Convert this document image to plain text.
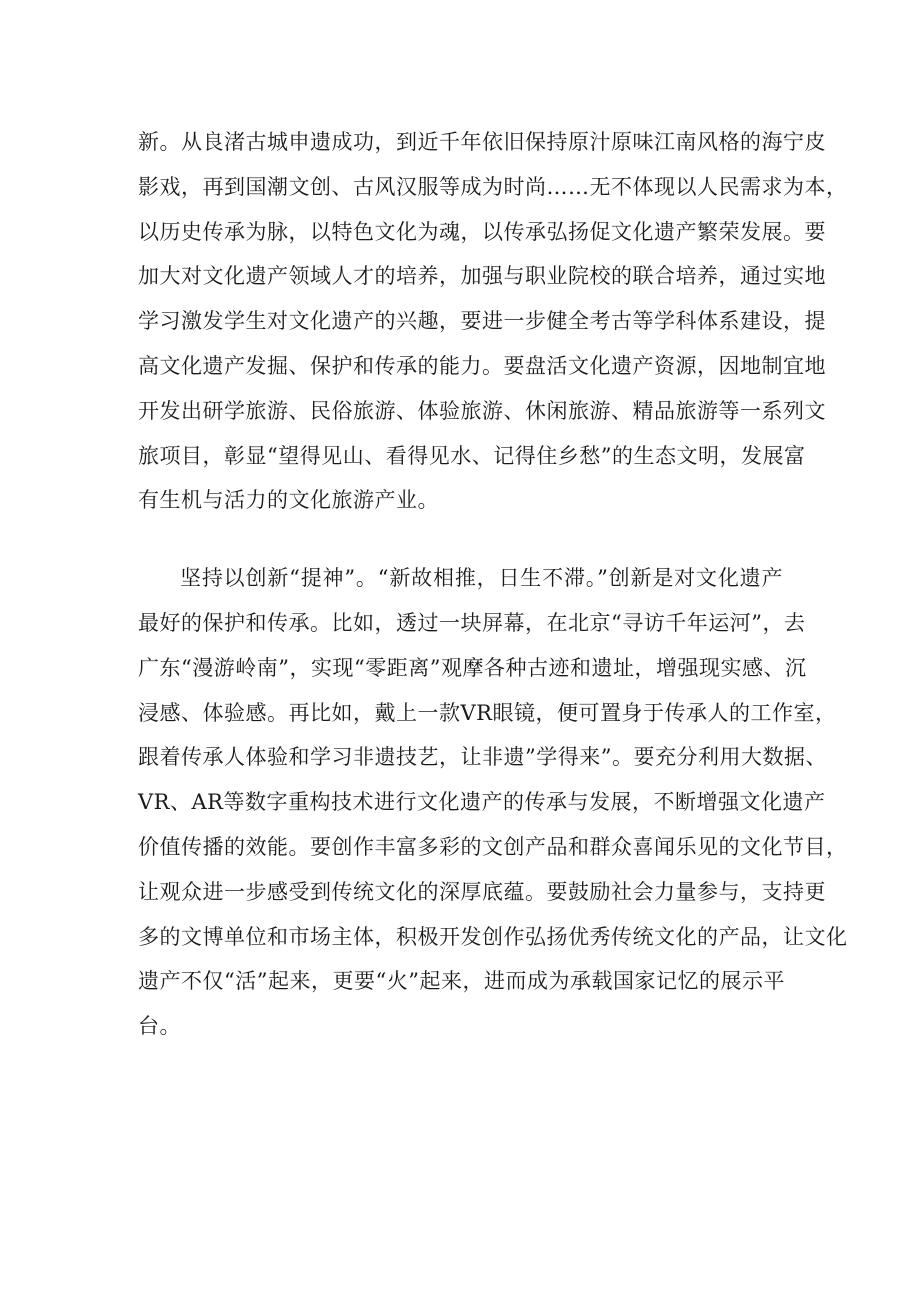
新。从良渚古城申遗成功，到近千年依旧保持原汁原味江南风格的海宁皮
影戏，再到国潮文创、古风汉服等成为时尚……无不体现以人民需求为本，
以历史传承为脉，以特色文化为魂，以传承弘扬促文化遗产繁荣发展。要
加大对文化遗产领域人才的培养，加强与职业院校的联合培养，通过实地
学习激发学生对文化遗产的兴趣，要进一步健全考古等学科体系建设，提
高文化遗产发掘、保护和传承的能力。要盘活文化遗产资源，因地制宜地
开发出研学旅游、民俗旅游、体验旅游、休闲旅游、精品旅游等一系列文
旅项目，彰显“望得见山、看得见水、记得住乡愁”的生态文明，发展富
有生机与活力的文化旅游产业。
坚持以创新“提神”。“新故相推，日生不滞。”创新是对文化遗产
最好的保护和传承。比如，透过一块屏幕，在北京“寻访千年运河”，去
广东“漫游岭南”，实现“零距离”观摩各种古迹和遗址，增强现实感、沉
浸感、体验感。再比如，戴上一款VR眼镜，便可置身于传承人的工作室，
跟着传承人体验和学习非遗技艺，让非遗”学得来”。要充分利用大数据、
VR、AR等数字重构技术进行文化遗产的传承与发展，不断增强文化遗产
价值传播的效能。要创作丰富多彩的文创产品和群众喜闻乐见的文化节目，
让观众进一步感受到传统文化的深厚底蕴。要鼓励社会力量参与，支持更
多的文博单位和市场主体，积极开发创作弘扬优秀传统文化的产品，让文化
遗产不仅“活”起来，更要“火”起来，进而成为承载国家记忆的展示平
台。
